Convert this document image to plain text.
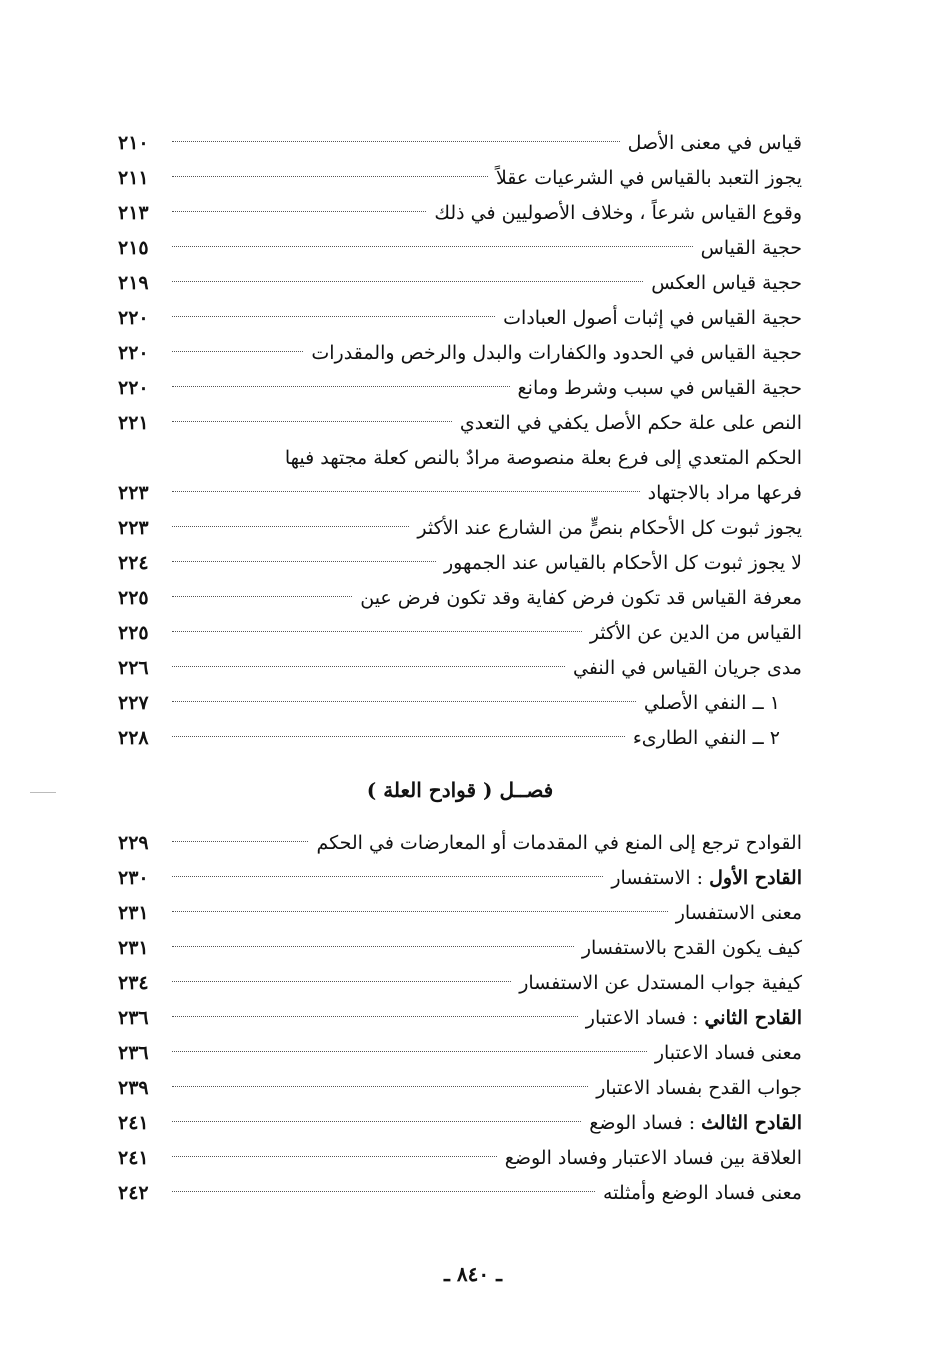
قياس في معنى الأصل
٢١٠
يجوز التعبد بالقياس في الشرعيات عقلاً
٢١١
وقوع القياس شرعاً ، وخلاف الأصوليين في ذلك
٢١٣
حجية القياس
٢١٥
حجية قياس العكس
٢١٩
حجية القياس في إثبات أصول العبادات
٢٢٠
حجية القياس في الحدود والكفارات والبدل والرخص والمقدرات
٢٢٠
حجية القياس في سبب وشرط ومانع
٢٢٠
النص على علة حكم الأصل يكفي في التعدي
٢٢١
الحكم المتعدي إلى فرع بعلة منصوصة مرادٌ بالنص كعلة مجتهد فيها
فرعها مراد بالاجتهاد
٢٢٣
يجوز ثبوت كل الأحكام بنصٍّ من الشارع عند الأكثر
٢٢٣
لا يجوز ثبوت كل الأحكام بالقياس عند الجمهور
٢٢٤
معرفة القياس قد تكون فرض كفاية وقد تكون فرض عين
٢٢٥
القياس من الدين عن الأكثر
٢٢٥
مدى جريان القياس في النفي
٢٢٦
١ ــ النفي الأصلي
٢٢٧
٢ ــ النفي الطارىء
٢٢٨
فصــل ( قوادح العلة )
القوادح ترجع إلى المنع في المقدمات أو المعارضات في الحكم
٢٢٩
القادح الأول : الاستفسار
٢٣٠
معنى الاستفسار
٢٣١
كيف يكون القدح بالاستفسار
٢٣١
كيفية جواب المستدل عن الاستفسار
٢٣٤
القادح الثاني : فساد الاعتبار
٢٣٦
معنى فساد الاعتبار
٢٣٦
جواب القدح بفساد الاعتبار
٢٣٩
القادح الثالث : فساد الوضع
٢٤١
العلاقة بين فساد الاعتبار وفساد الوضع
٢٤١
معنى فساد الوضع وأمثلته
٢٤٢
ـ ٨٤٠ ـ
